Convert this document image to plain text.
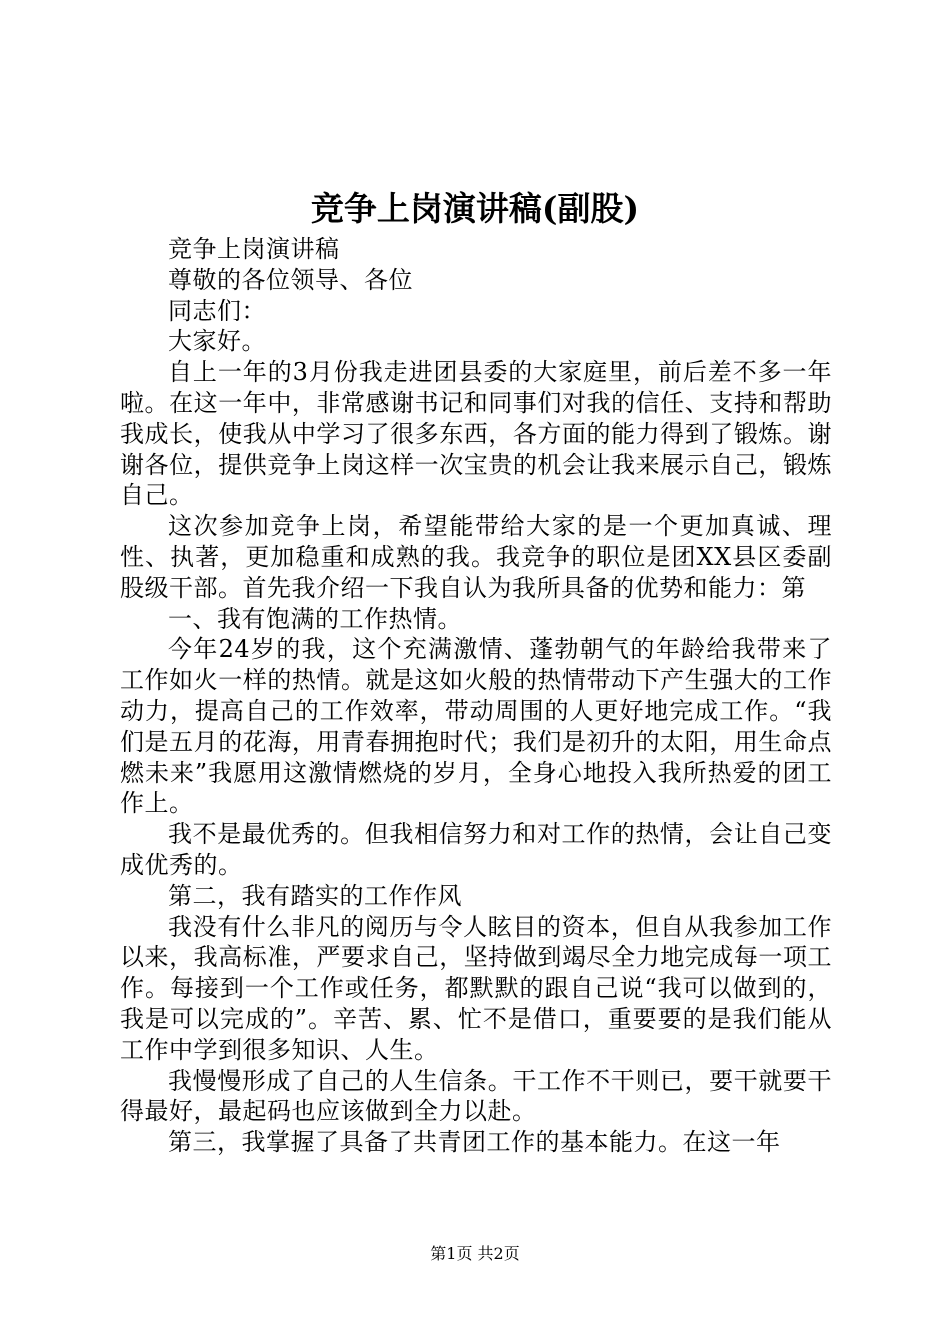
竞争上岗演讲稿(副股)

竞争上岗演讲稿

尊敬的各位领导、各位

同志们：

大家好。

自上一年的3月份我走进团县委的大家庭里，前后差不多一年啦。在这一年中，非常感谢书记和同事们对我的信任、支持和帮助我成长，使我从中学习了很多东西，各方面的能力得到了锻炼。谢谢各位，提供竞争上岗这样一次宝贵的机会让我来展示自己，锻炼自己。

这次参加竞争上岗，希望能带给大家的是一个更加真诚、理性、执著，更加稳重和成熟的我。我竞争的职位是团XX县区委副股级干部。首先我介绍一下我自认为我所具备的优势和能力：第

一、我有饱满的工作热情。

今年24岁的我，这个充满激情、蓬勃朝气的年龄给我带来了工作如火一样的热情。就是这如火般的热情带动下产生强大的工作动力，提高自己的工作效率，带动周围的人更好地完成工作。“我们是五月的花海，用青春拥抱时代；我们是初升的太阳，用生命点燃未来”我愿用这激情燃烧的岁月，全身心地投入我所热爱的团工作上。

我不是最优秀的。但我相信努力和对工作的热情，会让自己变成优秀的。

第二，我有踏实的工作作风

我没有什么非凡的阅历与令人眩目的资本，但自从我参加工作以来，我高标准，严要求自己，坚持做到竭尽全力地完成每一项工作。每接到一个工作或任务，都默默的跟自己说“我可以做到的，我是可以完成的”。辛苦、累、忙不是借口，重要要的是我们能从工作中学到很多知识、人生。

我慢慢形成了自己的人生信条。干工作不干则已，要干就要干得最好，最起码也应该做到全力以赴。

第三，我掌握了具备了共青团工作的基本能力。在这一年

第1页 共2页
